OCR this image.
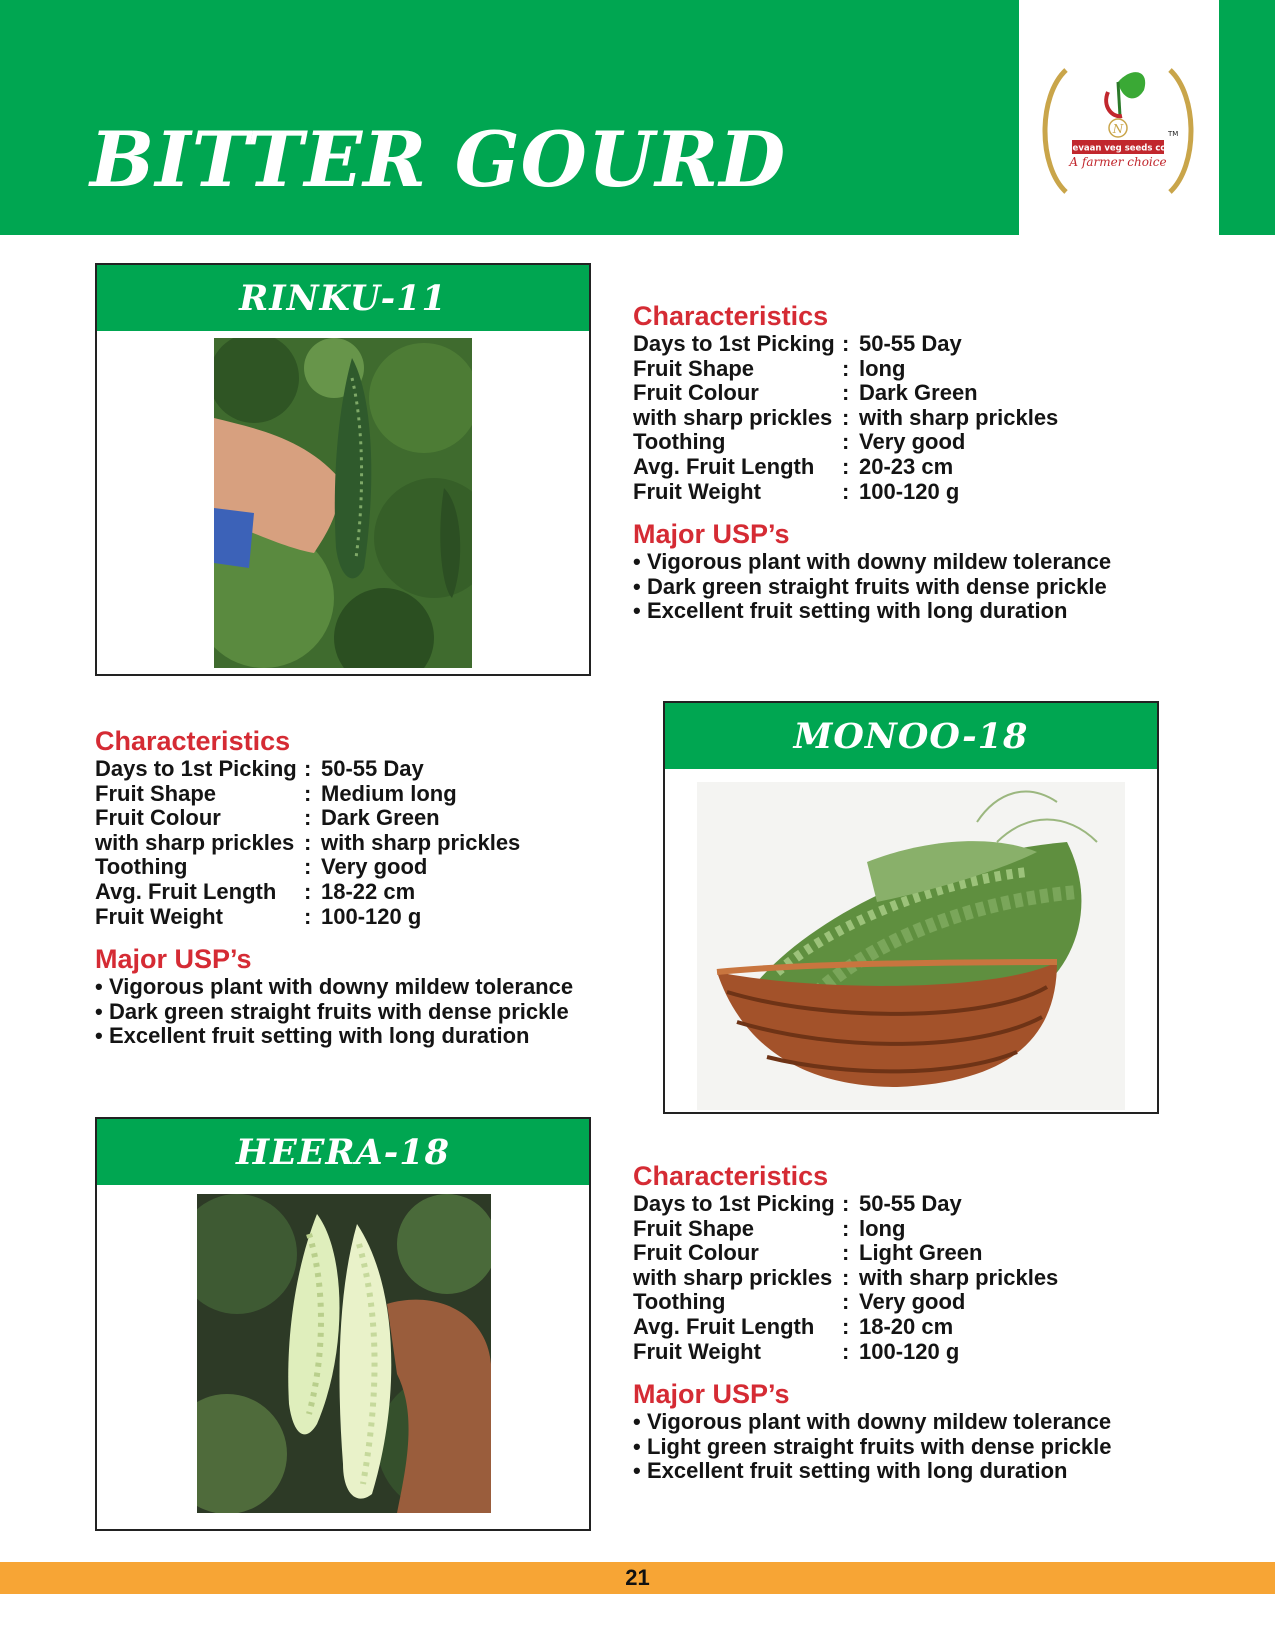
BITTER GOURD	N
nevaan veg seeds co.
TM
A farmer choice
RINKU-11	Characteristics
Days to 1st Picking	:	50-55 Day
Fruit Shape	:	long
Fruit Colour	:	Dark Green
with sharp prickles	:	with sharp prickles
Toothing	:	Very good
Avg. Fruit Length	:	20-23 cm
Fruit Weight	:	100-120 g
Major USP’s
• Vigorous plant with downy mildew tolerance
• Dark green straight fruits with dense prickle
• Excellent fruit setting with long duration
Characteristics
Days to 1st Picking	:	50-55 Day
Fruit Shape	:	Medium long
Fruit Colour	:	Dark Green
with sharp prickles	:	with sharp prickles
Toothing	:	Very good
Avg. Fruit Length	:	18-22 cm
Fruit Weight	:	100-120 g
Major USP’s
• Vigorous plant with downy mildew tolerance
• Dark green straight fruits with dense prickle
• Excellent fruit setting with long duration
MONOO-18
HEERA-18
Characteristics
Days to 1st Picking	:	50-55 Day
Fruit Shape	:	long
Fruit Colour	:	Light Green
with sharp prickles	:	with sharp prickles
Toothing	:	Very good
Avg. Fruit Length	:	18-20 cm
Fruit Weight	:	100-120 g
Major USP’s
• Vigorous plant with downy mildew tolerance
• Light green straight fruits with dense prickle
• Excellent fruit setting with long duration
21
